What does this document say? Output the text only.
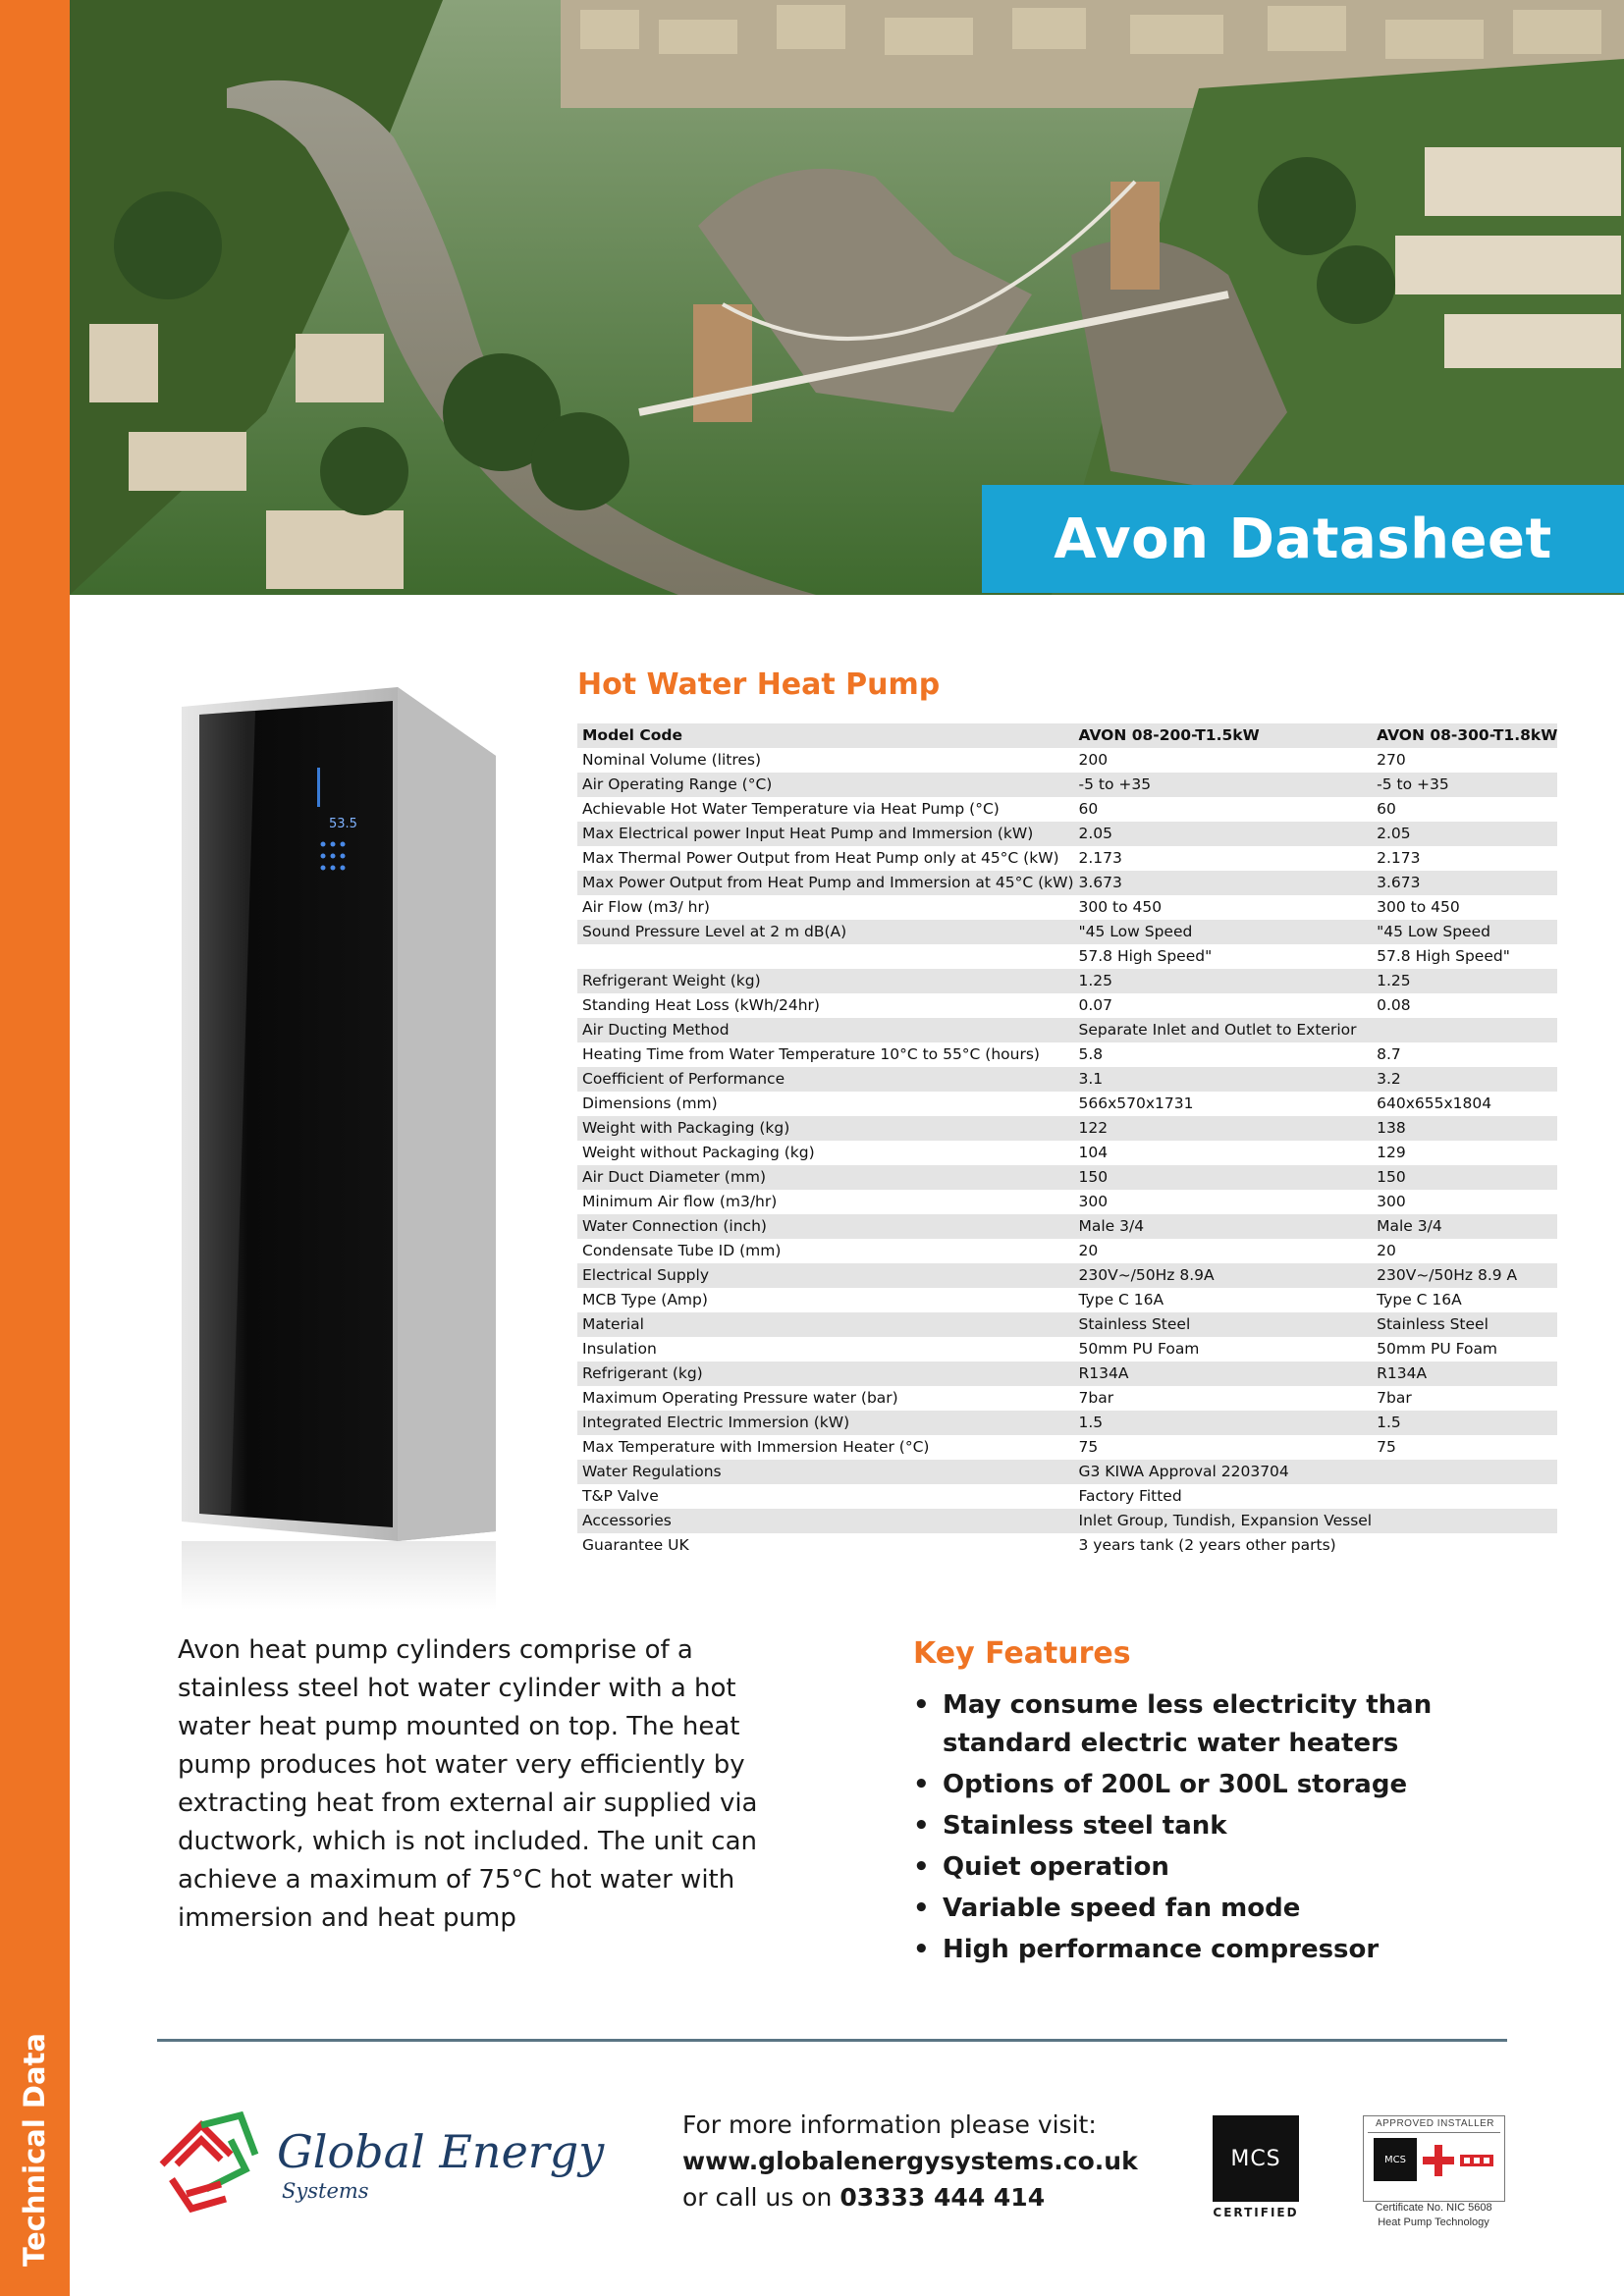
Technical Data
Avon Datasheet
53.5
Hot Water Heat Pump
Model Code	AVON 08-200-T1.5kW	AVON 08-300-T1.8kW
Nominal Volume (litres)	200	270
Air Operating Range (°C)	-5 to +35	-5 to +35
Achievable Hot Water Temperature via Heat Pump (°C)	60	60
Max Electrical power Input Heat Pump and Immersion (kW)	2.05	2.05
Max Thermal Power Output from Heat Pump only at 45°C (kW)	2.173	2.173
Max Power Output from Heat Pump and Immersion at 45°C (kW)	3.673	3.673
Air Flow (m3/ hr)	300 to 450	300 to 450
Sound Pressure Level at 2 m dB(A)	"45 Low Speed	"45 Low Speed
	57.8 High Speed"	57.8 High Speed"
Refrigerant Weight (kg)	1.25	1.25
Standing Heat Loss (kWh/24hr)	0.07	0.08
Air Ducting Method	Separate Inlet and Outlet to Exterior	
Heating Time from Water Temperature 10°C to 55°C (hours)	5.8	8.7
Coefficient of Performance	3.1	3.2
Dimensions (mm)	566x570x1731	640x655x1804
Weight with Packaging (kg)	122	138
Weight without Packaging (kg)	104	129
Air Duct Diameter (mm)	150	150
Minimum Air flow (m3/hr)	300	300
Water Connection (inch)	Male 3/4	Male 3/4
Condensate Tube ID (mm)	20	20
Electrical Supply	230V~/50Hz 8.9A	230V~/50Hz 8.9 A
MCB Type (Amp)	Type C 16A	Type C 16A
Material	Stainless Steel	Stainless Steel
Insulation	50mm PU Foam	50mm PU Foam
Refrigerant (kg)	R134A	R134A
Maximum Operating Pressure water (bar)	7bar	7bar
Integrated Electric Immersion (kW)	1.5	1.5
Max Temperature with Immersion Heater (°C)	75	75
Water Regulations	G3 KIWA Approval 2203704	
T&P Valve	Factory Fitted	
Accessories	Inlet Group, Tundish, Expansion Vessel	
Guarantee UK	3 years tank (2 years other parts)	
Avon heat pump cylinders comprise of a stainless steel hot water cylinder with a hot water heat pump mounted on top. The heat pump produces hot water very efficiently by extracting heat from external air supplied via ductwork, which is not included. The unit can achieve a maximum of 75°C hot water with immersion and heat pump
Key Features
• May consume less electricity than standard electric water heaters
• Options of 200L or 300L storage
• Stainless steel tank
• Quiet operation
• Variable speed fan mode
• High performance compressor
Global Energy
Systems
For more information please visit:
www.globalenergysystems.co.uk
or call us on 03333 444 414
MCS
CERTIFIED
APPROVED INSTALLER
MCS
Certificate No. NIC 5608
Heat Pump Technology
